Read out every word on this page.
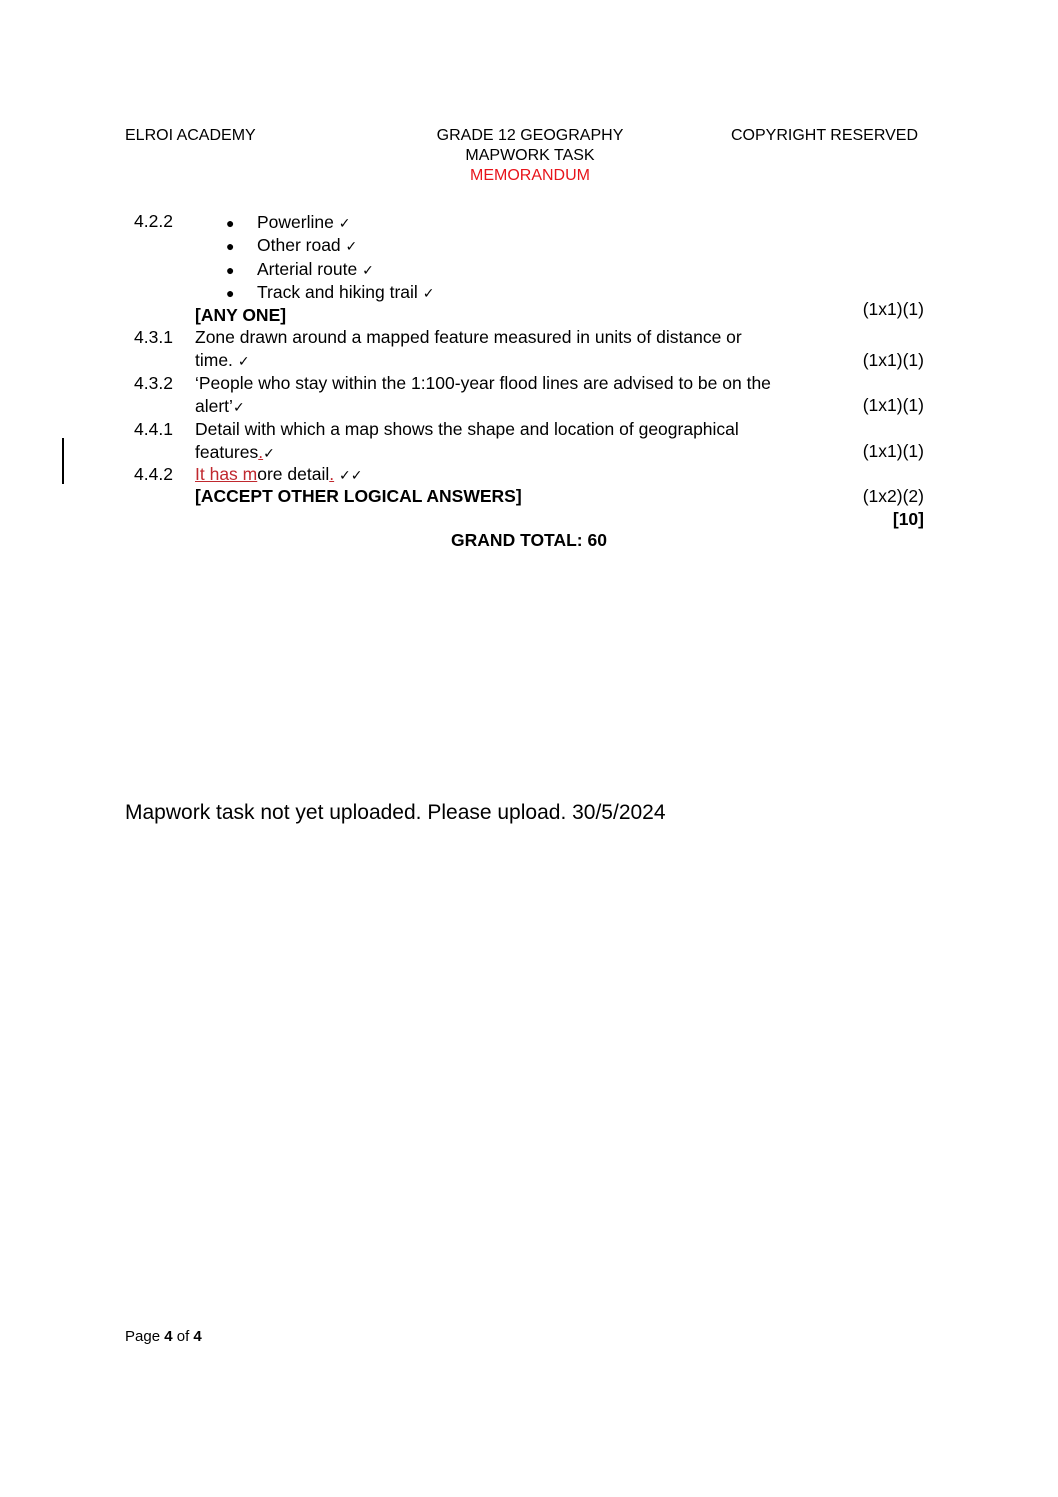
ELROI ACADEMY	GRADE 12 GEOGRAPHY
MAPWORK TASK
MEMORANDUM
COPYRIGHT RESERVED
4.2.2	● Powerline ✓
● Other road ✓
● Arterial route ✓
● Track and hiking trail ✓
[ANY ONE]	(1x1)(1)
4.3.1 Zone drawn around a mapped feature measured in units of distance or
time. ✓	(1x1)(1)
4.3.2 ‘People who stay within the 1:100-year flood lines are advised to be on the
alert’✓	(1x1)(1)
4.4.1 Detail with which a map shows the shape and location of geographical
features.✓	(1x1)(1)
4.4.2 It has more detail. ✓✓
[ACCEPT OTHER LOGICAL ANSWERS]	(1x2)(2)
[10]
GRAND TOTAL: 60
Mapwork task not yet uploaded. Please upload. 30/5/2024
Page 4 of 4
